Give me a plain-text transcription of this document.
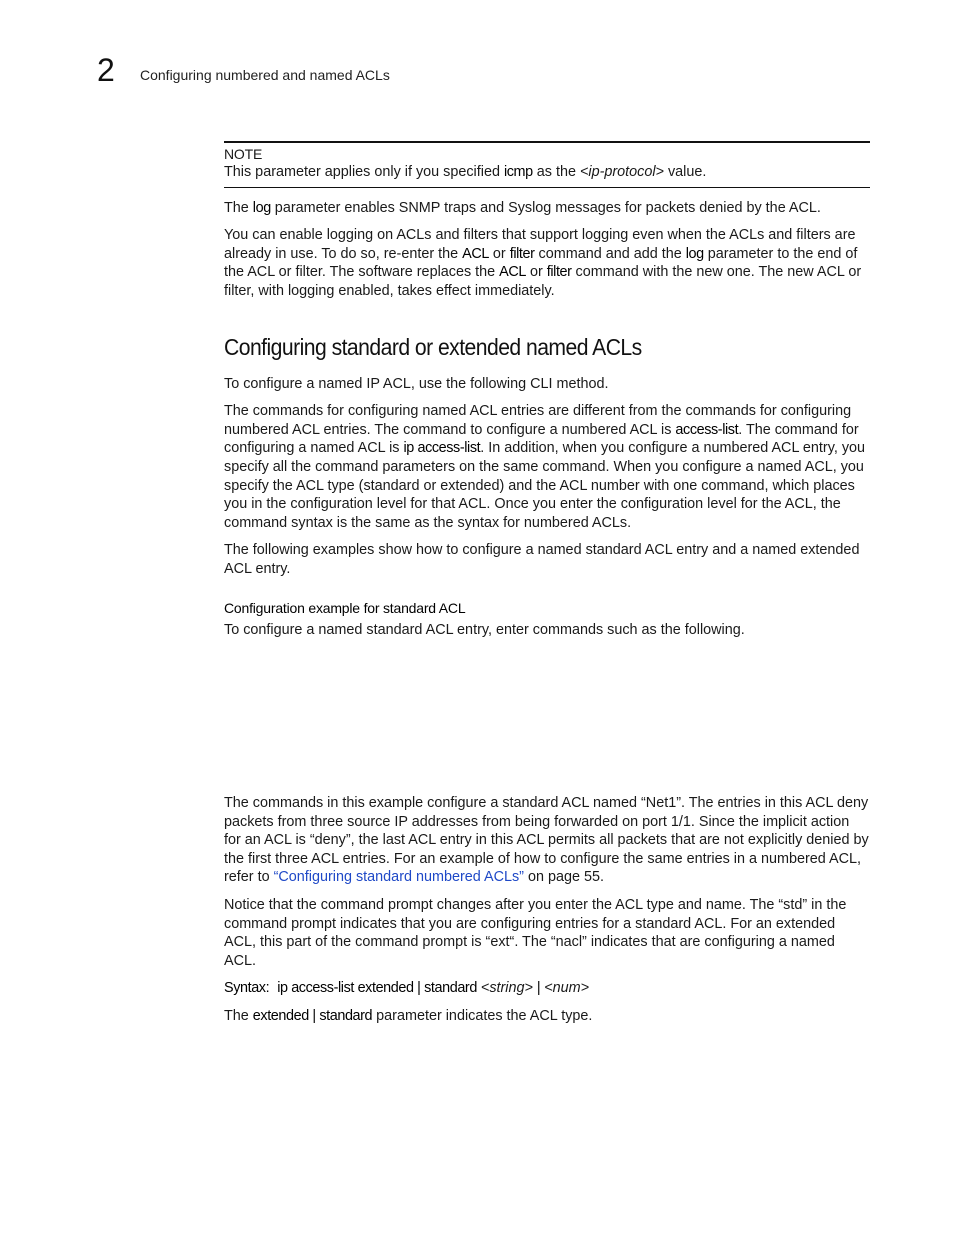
2 Configuring numbered and named ACLs
NOTE

This parameter applies only if you specified icmp as the <ip-protocol> value.

The log parameter enables SNMP traps and Syslog messages for packets denied by the ACL.

You can enable logging on ACLs and filters that support logging even when the ACLs and filters are already in use. To do so, re-enter the ACL or filter command and add the log parameter to the end of the ACL or filter. The software replaces the ACL or filter command with the new one. The new ACL or filter, with logging enabled, takes effect immediately.

Configuring standard or extended named ACLs

To configure a named IP ACL, use the following CLI method.

The commands for configuring named ACL entries are different from the commands for configuring numbered ACL entries. The command to configure a numbered ACL is access-list. The command for configuring a named ACL is ip access-list. In addition, when you configure a numbered ACL entry, you specify all the command parameters on the same command. When you configure a named ACL, you specify the ACL type (standard or extended) and the ACL number with one command, which places you in the configuration level for that ACL. Once you enter the configuration level for the ACL, the command syntax is the same as the syntax for numbered ACLs.

The following examples show how to configure a named standard ACL entry and a named extended ACL entry.

Configuration example for standard ACL

To configure a named standard ACL entry, enter commands such as the following.

The commands in this example configure a standard ACL named “Net1”. The entries in this ACL deny packets from three source IP addresses from being forwarded on port 1/1. Since the implicit action for an ACL is “deny”, the last ACL entry in this ACL permits all packets that are not explicitly denied by the first three ACL entries. For an example of how to configure the same entries in a numbered ACL, refer to “Configuring standard numbered ACLs” on page 55.

Notice that the command prompt changes after you enter the ACL type and name. The “std” in the command prompt indicates that you are configuring entries for a standard ACL. For an extended ACL, this part of the command prompt is “ext“. The “nacl” indicates that are configuring a named ACL.

Syntax: ip access-list extended | standard <string> | <num>

The extended | standard parameter indicates the ACL type.
